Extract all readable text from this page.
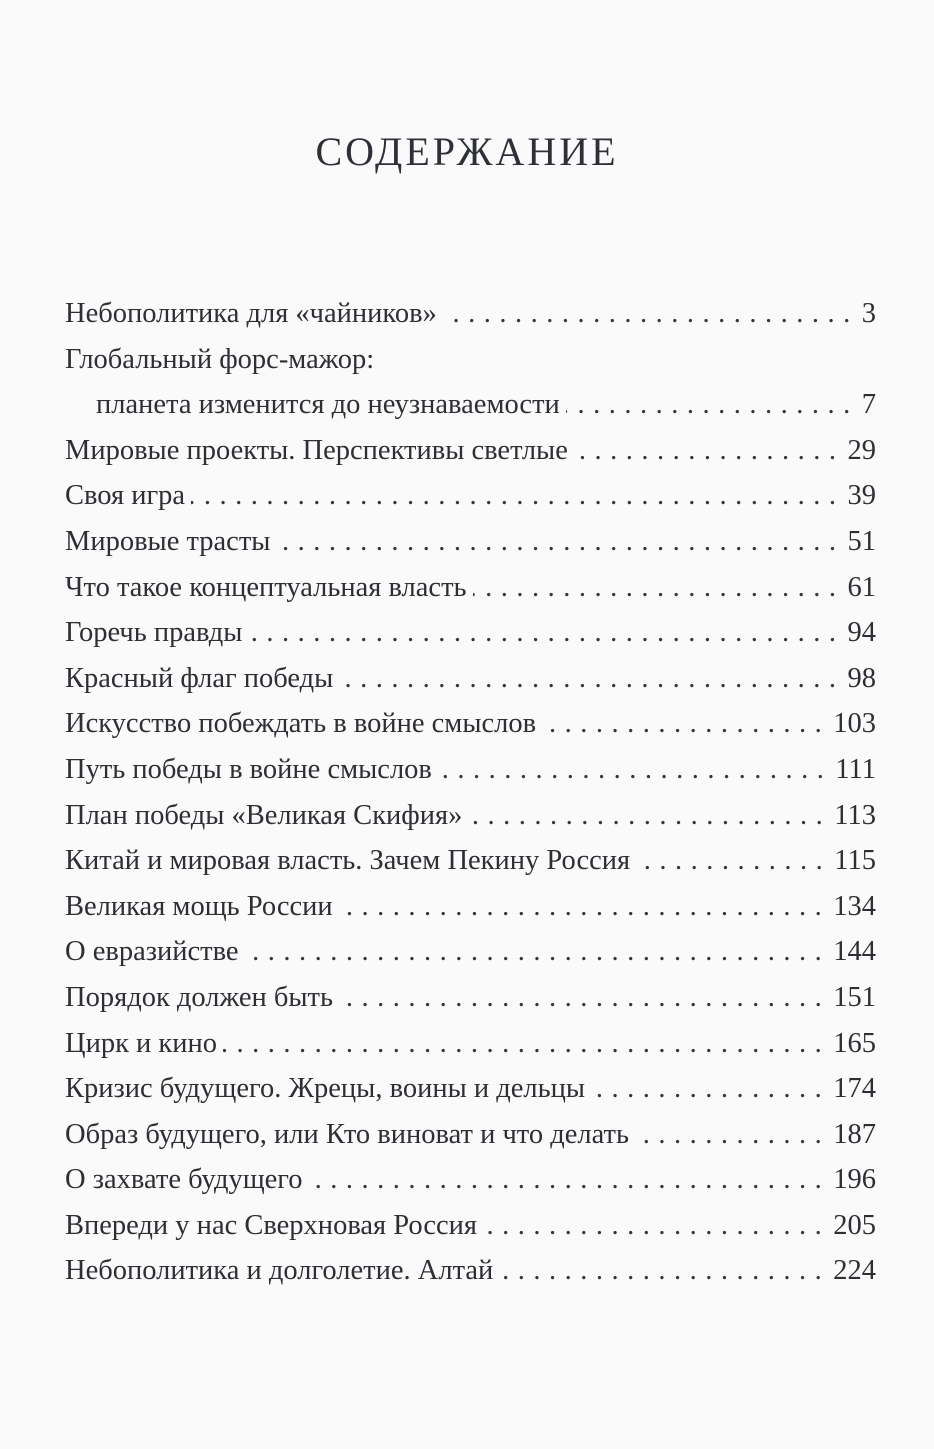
СОДЕРЖАНИЕ
Небополитика для «чайников» .....	3
Глобальный форс-мажор:
планета изменится до неузнаваемости .....	7
Мировые проекты. Перспективы светлые .....	29
Своя игра .....	39
Мировые трасты .....	51
Что такое концептуальная власть .....	61
Горечь правды .....	94
Красный флаг победы .....	98
Искусство побеждать в войне смыслов .....	103
Путь победы в войне смыслов .....	111
План победы «Великая Скифия» .....	113
Китай и мировая власть. Зачем Пекину Россия .....	115
Великая мощь России .....	134
О евразийстве .....	144
Порядок должен быть .....	151
Цирк и кино .....	165
Кризис будущего. Жрецы, воины и дельцы .....	174
Образ будущего, или Кто виноват и что делать .....	187
О захвате будущего .....	196
Впереди у нас Сверхновая Россия .....	205
Небополитика и долголетие. Алтай .....	224
